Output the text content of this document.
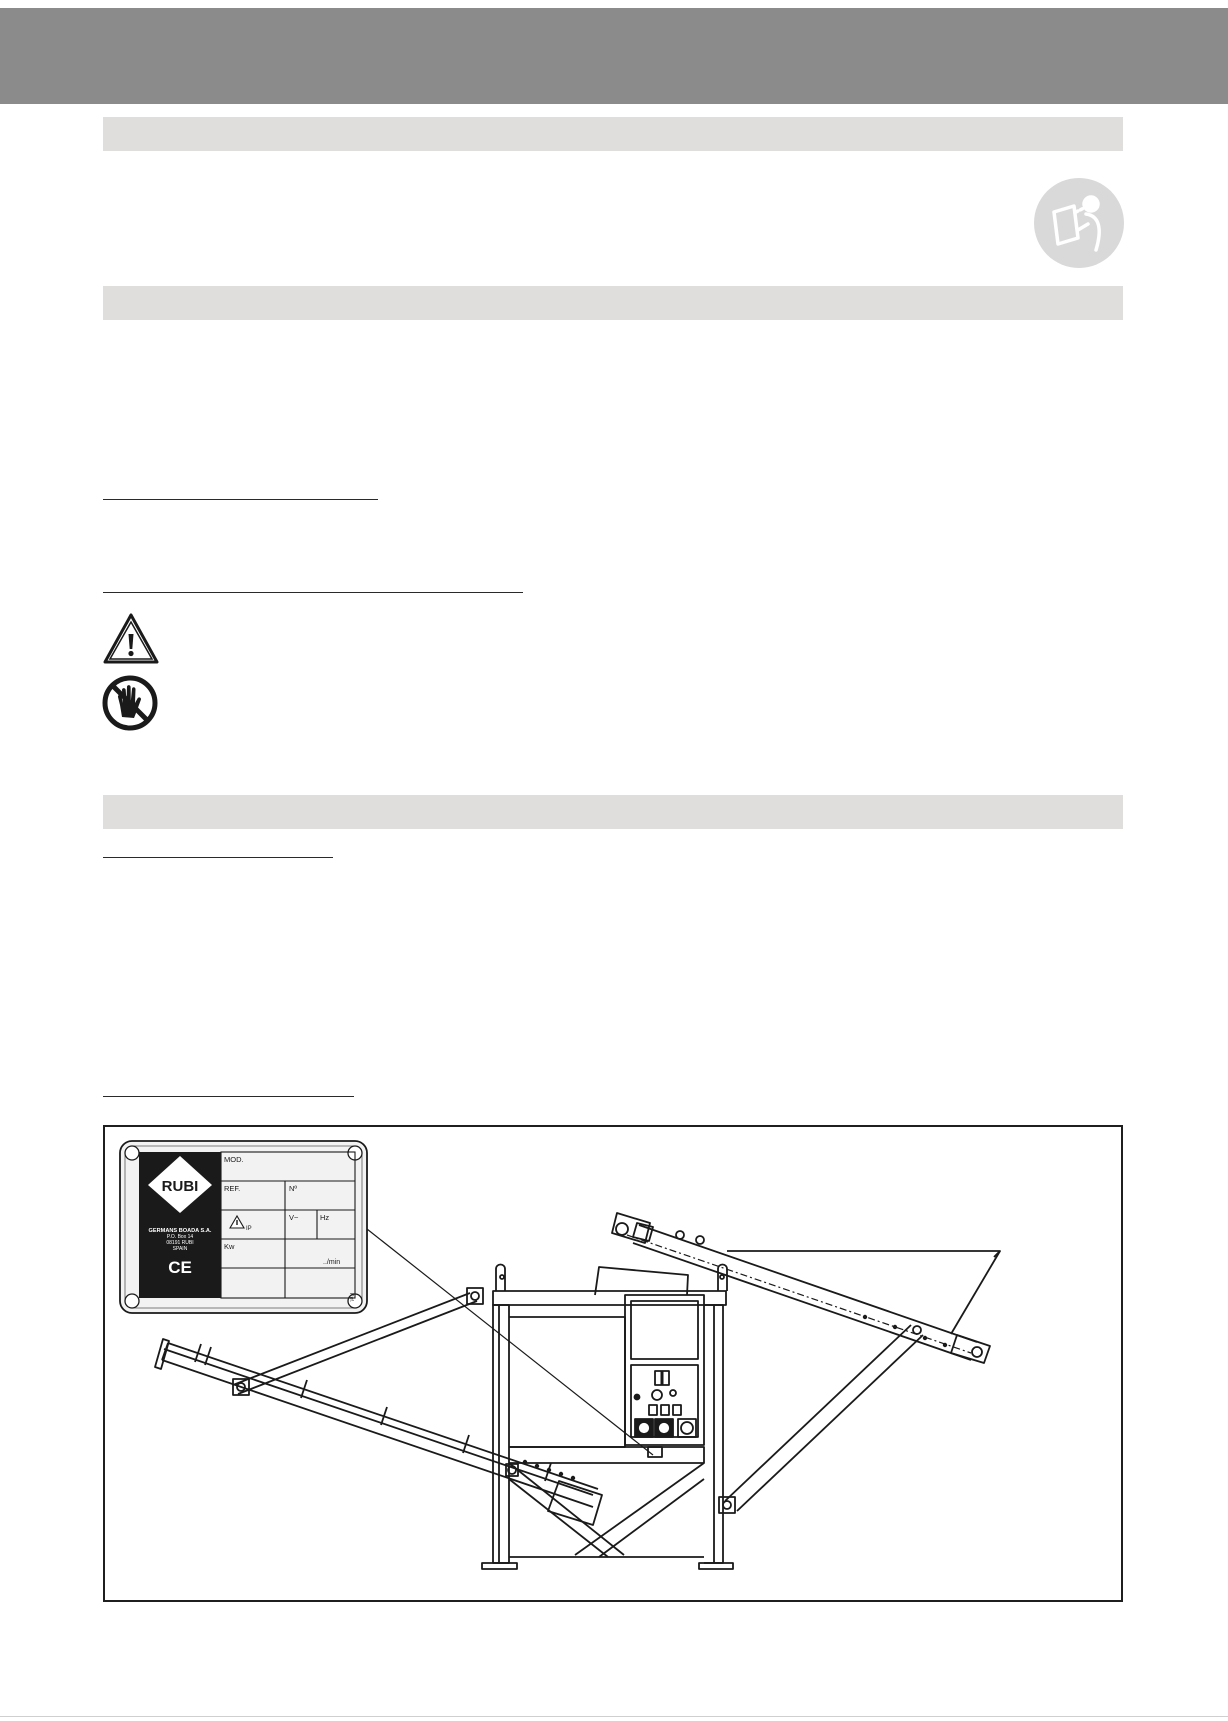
RUBI
GERMANS BOADA S.A.
P.O. Box 14
08191 RUBI
SPAIN
CE
MOD.
REF.	Nº
IP
V~	Hz
Kw
../min
Ref.
